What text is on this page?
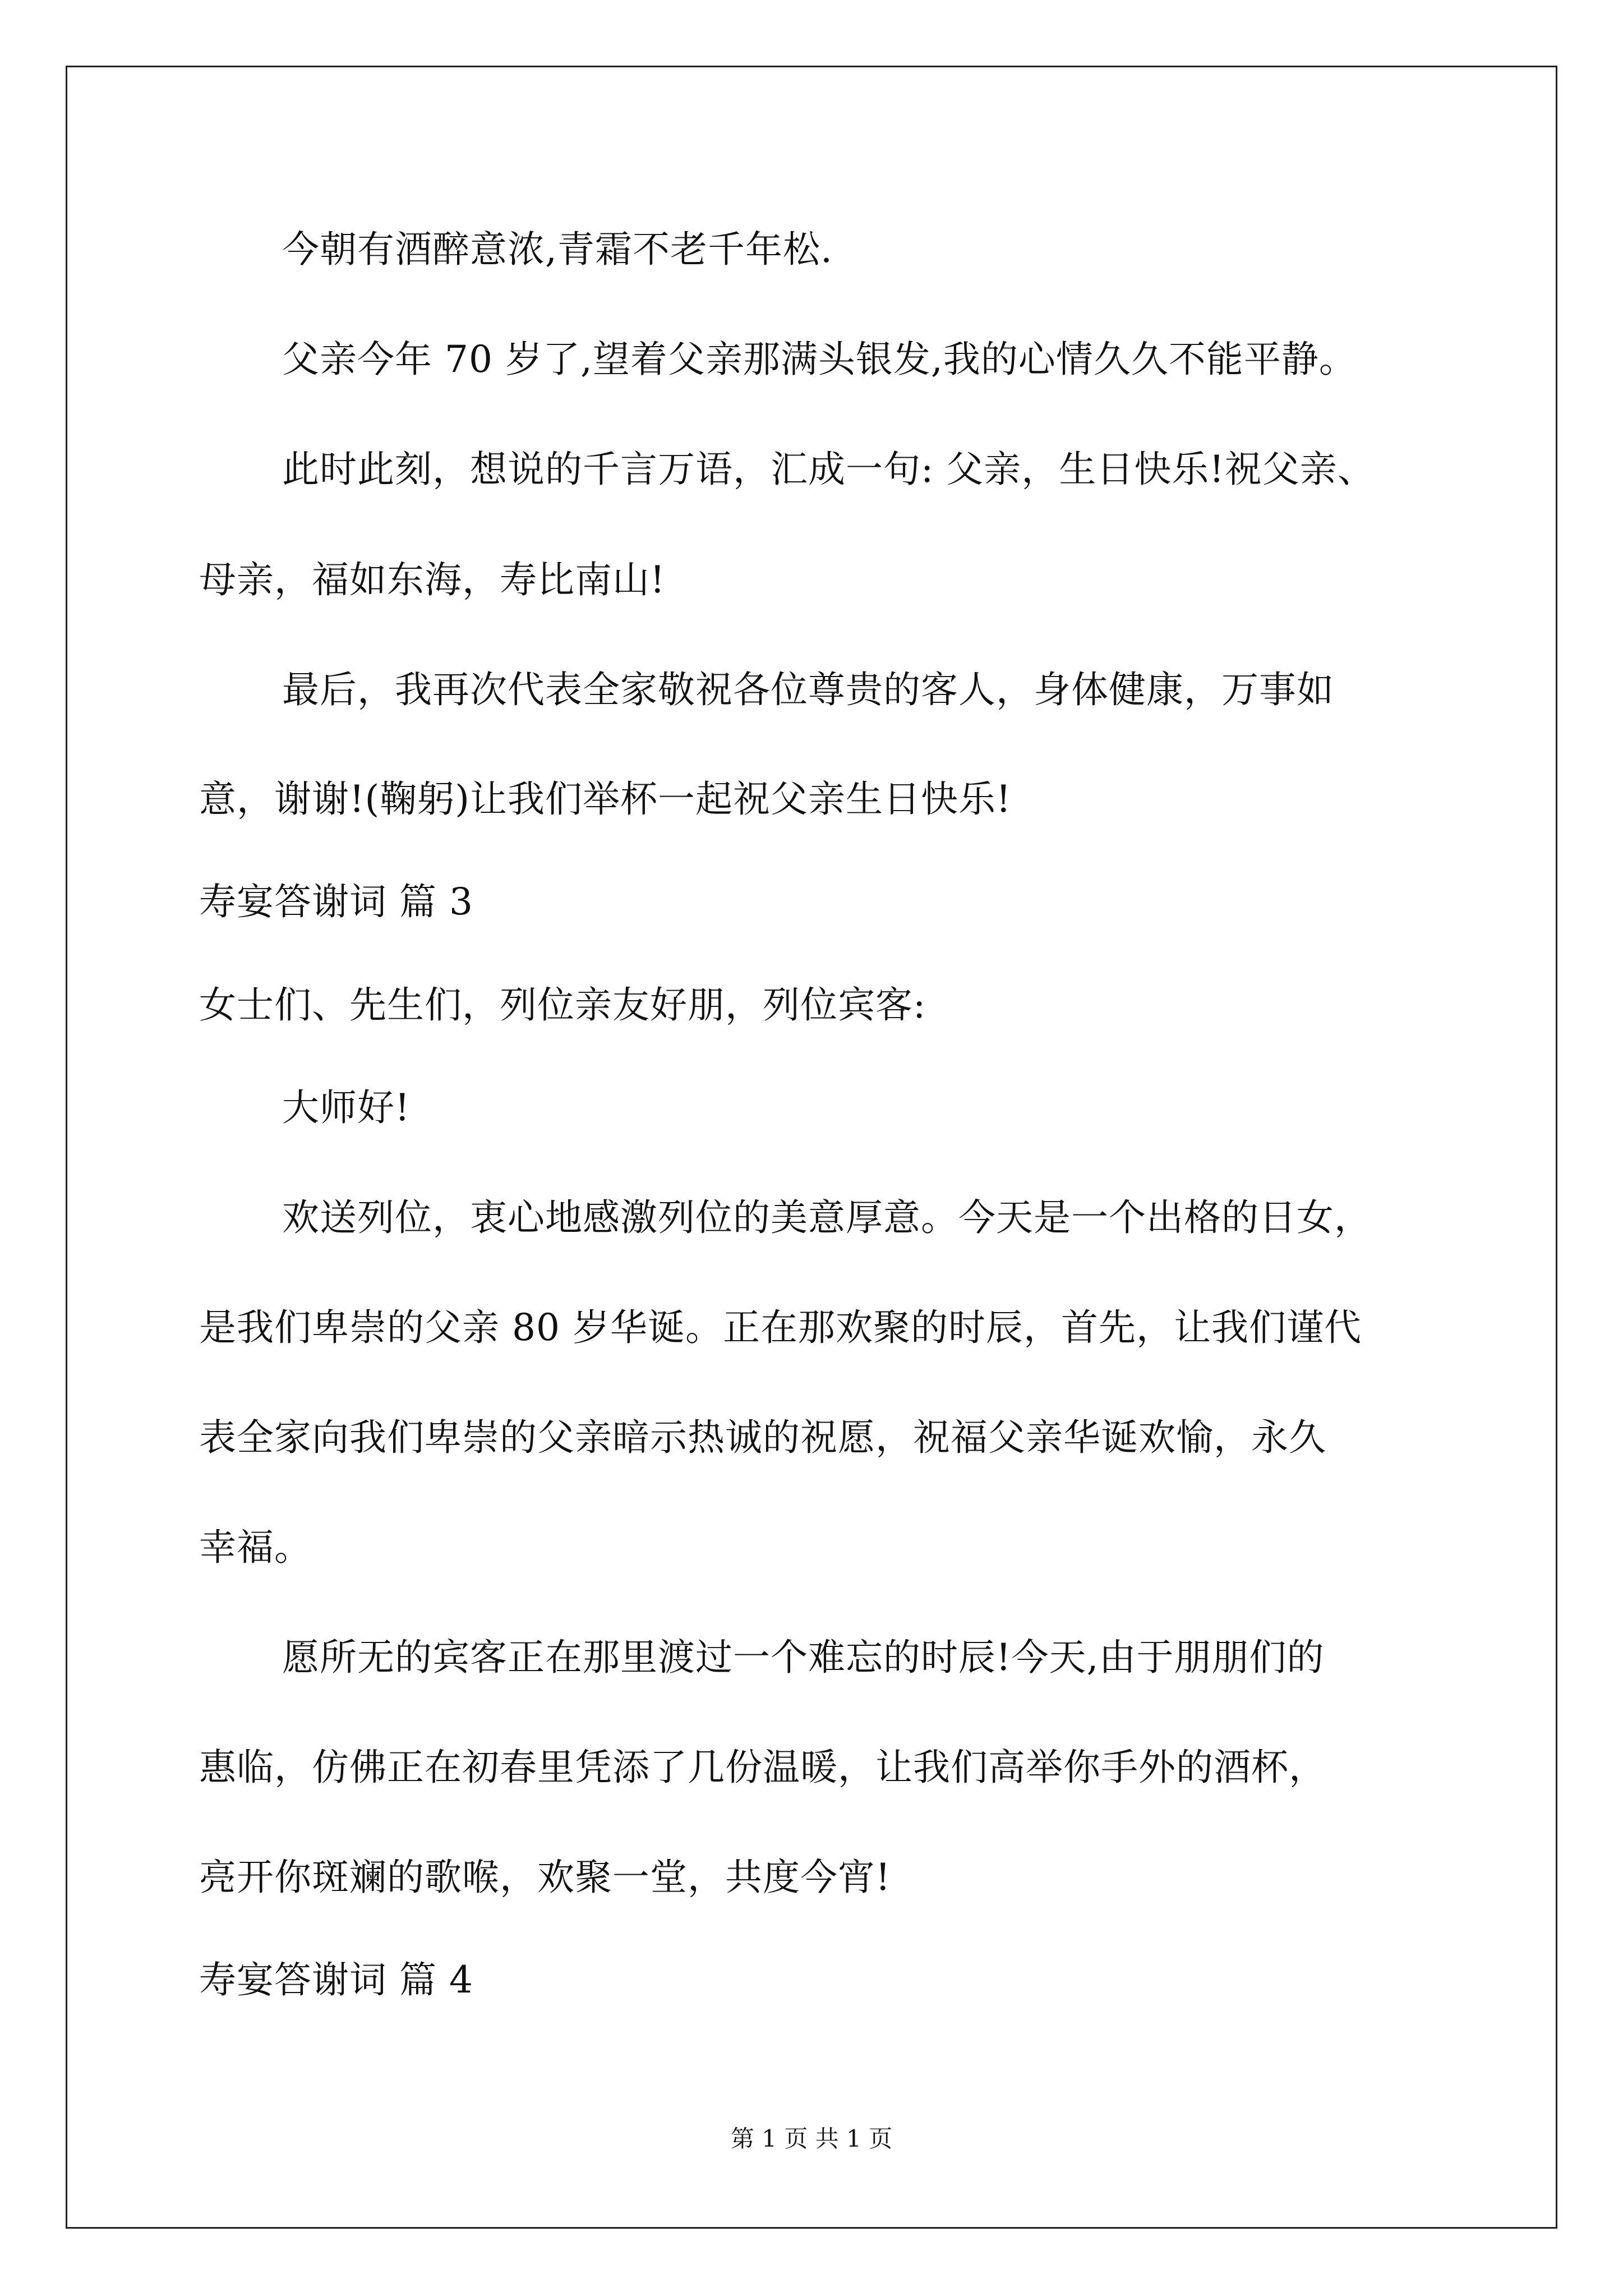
今朝有酒醉意浓,青霜不老千年松.
父亲今年 70 岁了,望着父亲那满头银发,我的心情久久不能平静。
此时此刻，想说的千言万语，汇成一句: 父亲，生日快乐!祝父亲、
母亲，福如东海，寿比南山!
最后，我再次代表全家敬祝各位尊贵的客人，身体健康，万事如
意，谢谢!(鞠躬)让我们举杯一起祝父亲生日快乐!
寿宴答谢词 篇 3
女士们、先生们，列位亲友好朋，列位宾客:
大师好!
欢送列位，衷心地感激列位的美意厚意。今天是一个出格的日女，
是我们卑崇的父亲 80 岁华诞。正在那欢聚的时辰，首先，让我们谨代
表全家向我们卑崇的父亲暗示热诚的祝愿，祝福父亲华诞欢愉，永久
幸福。
愿所无的宾客正在那里渡过一个难忘的时辰!今天,由于朋朋们的
惠临，仿佛正在初春里凭添了几份温暖，让我们高举你手外的酒杯，
亮开你斑斓的歌喉，欢聚一堂，共度今宵!
寿宴答谢词 篇 4
第 1 页 共 1 页
